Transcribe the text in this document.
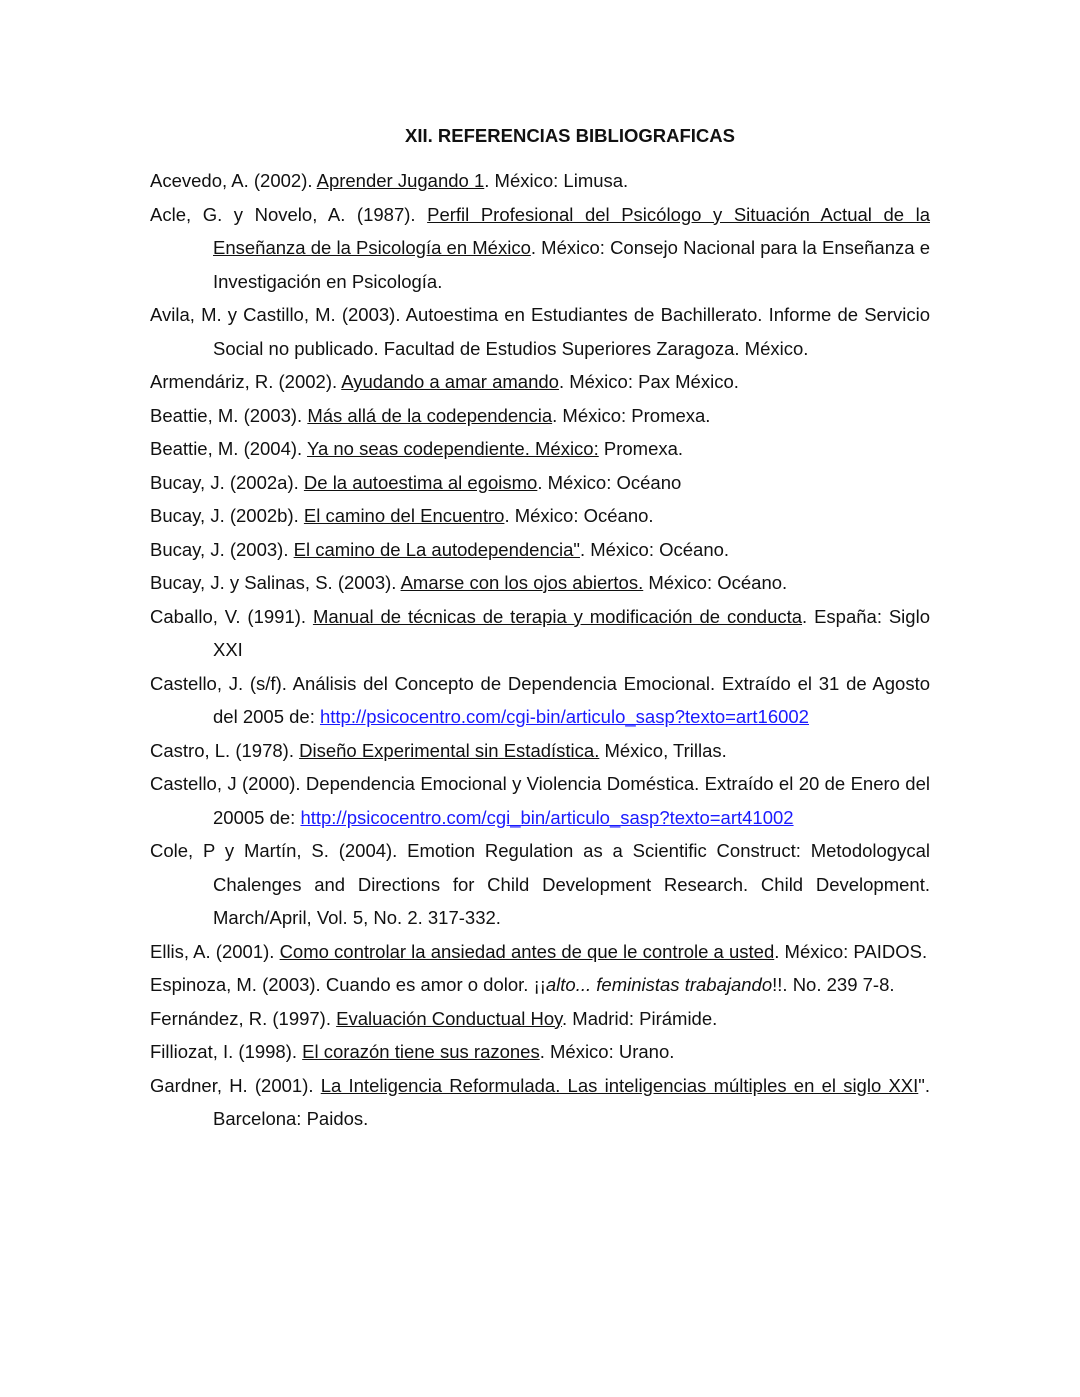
XII. REFERENCIAS BIBLIOGRAFICAS
Acevedo, A. (2002). Aprender Jugando 1. México: Limusa.
Acle, G. y Novelo, A. (1987). Perfil Profesional del Psicólogo y Situación Actual de la Enseñanza de la Psicología en México. México: Consejo Nacional para la Enseñanza e Investigación en Psicología.
Avila, M. y Castillo, M. (2003). Autoestima en Estudiantes de Bachillerato. Informe de Servicio Social no publicado. Facultad de Estudios Superiores Zaragoza. México.
Armendáriz, R. (2002). Ayudando a amar amando. México: Pax México.
Beattie, M. (2003). Más allá de la codependencia. México: Promexa.
Beattie, M. (2004). Ya no seas codependiente. México: Promexa.
Bucay, J. (2002a). De la autoestima al egoismo. México: Océano
Bucay, J. (2002b). El camino del Encuentro. México: Océano.
Bucay, J. (2003). El camino de La autodependencia". México: Océano.
Bucay, J. y Salinas, S. (2003). Amarse con los ojos abiertos. México: Océano.
Caballo, V. (1991). Manual de técnicas de terapia y modificación de conducta. España: Siglo XXI
Castello, J. (s/f). Análisis del Concepto de Dependencia Emocional. Extraído el 31 de Agosto del 2005 de: http://psicocentro.com/cgi-bin/articulo_sasp?texto=art16002
Castro, L. (1978). Diseño Experimental sin Estadística. México, Trillas.
Castello, J (2000). Dependencia Emocional y Violencia Doméstica. Extraído el 20 de Enero del 20005 de: http://psicocentro.com/cgi_bin/articulo_sasp?texto=art41002
Cole, P y Martín, S. (2004). Emotion Regulation as a Scientific Construct: Metodologycal Chalenges and Directions for Child Development Research. Child Development. March/April, Vol. 5, No. 2. 317-332.
Ellis, A. (2001). Como controlar la ansiedad antes de que le controle a usted. México: PAIDOS.
Espinoza, M. (2003). Cuando es amor o dolor. ¡¡alto... feministas trabajando!!. No. 239 7-8.
Fernández, R. (1997). Evaluación Conductual Hoy. Madrid: Pirámide.
Filliozat, I. (1998). El corazón tiene sus razones. México: Urano.
Gardner, H. (2001). La Inteligencia Reformulada. Las inteligencias múltiples en el siglo XXI". Barcelona: Paidos.
